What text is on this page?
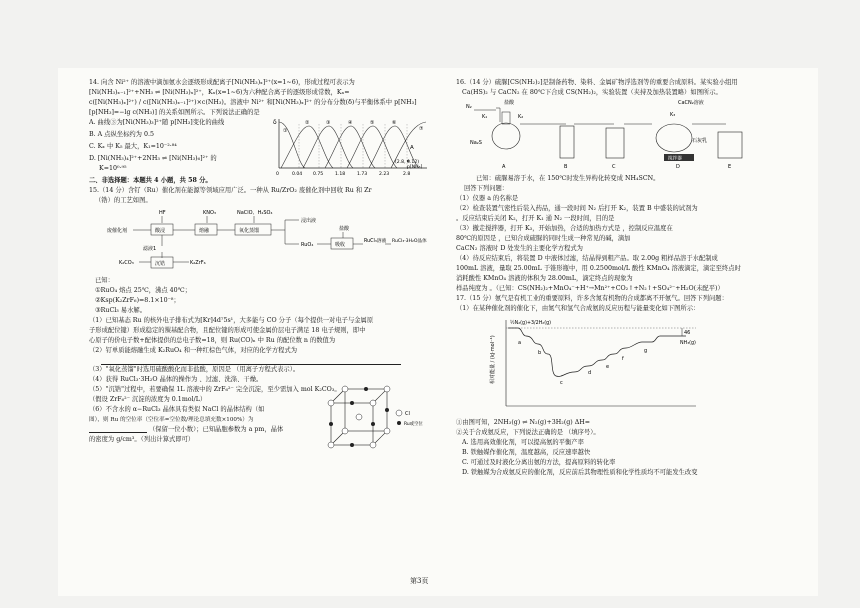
14. 向含 Ni²⁺ 的溶液中滴加氨水会逐级形成配离子[Ni(NH₃)ₓ]²⁺(x=1~6)，形成过程可表示为
[Ni(NH₃)ₓ₋₁]²⁺+NH₃ ⇌ [Ni(NH₃)ₓ]²⁺，Kₓ(x=1~6)为六种配合离子的逐级形成常数，Kₓ=
c([Ni(NH₃)ₓ]²⁺) / c([Ni(NH₃)ₓ₋₁]²⁺)×c(NH₃)。溶液中 Ni²⁺ 和[Ni(NH₃)ₓ]²⁺ 的分布分数(δ)与平衡体系中 p[NH₃]
[p[NH₃]=−lg c(NH₃)] 的关系如图所示。下列说法正确的是
A. 曲线③为[Ni(NH₃)₃]²⁺随 p[NH₃]变化的曲线
B. A 点纵坐标约为 0.5
C. Kₓ 中 K₅ 最大，K₁=10⁻²·⁸⁴
D. [Ni(NH₃)₄]²⁺+2NH₃ ⇌ [Ni(NH₃)₆]²⁺ 的
K=10⁰·⁹⁵
δ
①
②	③	④	⑤	⑥
⑦
A
(2.8, 0.12)
0	0.04 0.75	1.18	1.73	2.23	2.8
p[NH₃]
二、非选择题：本题共 4 小题，共 58 分。
15.（14 分）含钌（Ru）催化剂在能源等领域应用广泛。一种从 Ru/ZrO₂ 废催化剂中回收 Ru 和 Zr
（锆）的工艺如图。
HF	KNO₃	NaClO、H₂SO₄
废催化剂	酸浸	熔融	氧化蒸馏
浸出液
RuO₄
盐酸
吸收
RuCl₃溶液 RuCl₃·3H₂O晶体
滤液1
K₂CO₃	沉锆	K₂ZrF₆
已知：
①RuO₄ 熔点 25℃，沸点 40℃；
②Ksp(K₂ZrF₆)=8.1×10⁻⁸；
③RuCl₃ 易水解。
（1）已知基态 Ru 的核外电子排布式为[Kr]4d⁷5s¹，大多能与 CO 分子（每个提供一对电子与金属原
子形成配位键）形成稳定的羰基配合物，且配位键的形成可使金属价层电子满足 18 电子规则，即中
心原子的价电子数+配体提供的总电子数=18，则 Ru(CO)ₙ 中 Ru 的配位数 n 的数值为
（2）钌单质能熔融生成 K₂RuO₄ 和一种红棕色气体，对应的化学方程式为
（3）"氧化蒸馏"时选用硫酸酸化而非盐酸，原因是 （用离子方程式表示）。
（4）获得 RuCl₃·3H₂O 晶体的操作为 、过滤、洗涤、干燥。
（5）"沉锆"过程中，若要确保 1L 溶液中的 ZrF₆²⁻ 完全沉淀，至少需加入 mol K₂CO₃。
（假设 ZrF₆²⁻ 沉淀的浓度为 0.1mol/L）
（6）不含水的 α−RuCl₃ 晶体具有类似 NaCl 的晶体结构（如
图），则 Ru 的空位率（空位率=空位数/理论总填充数×100%）为
（保留一位小数）；已知晶胞参数为 a pm，晶体
的密度为 g/cm³。（列出计算式即可）
Cl
Ru或空位
16.（14 分）硫脲[CS(NH₂)₂]是制备药物、染料、金属矿物浮选剂等的重要合成原料。某实验小组用
Ca(HS)₂ 与 CaCN₂ 在 80℃下合成 CS(NH₂)₂，实验装置（夹持及加热装置略）如图所示。
N₂
K₁
盐酸
K₂
Na₂S
CaCN₂溶液
K₃
石灰乳
搅拌器
A	B	C	D	E
已知：硫脲易溶于水，在 150℃时发生异构化转变成 NH₄SCN。
回答下列问题：
（1）仪器 a 的名称是
（2）检查装置气密性后装入药品，通一段时间 N₂ 后打开 K₂，装置 B 中盛装的试剂为
。反应结束后关闭 K₂，打开 K₁ 通 N₂ 一段时间，目的是
（3）撤走搅拌器，打开 K₃，开始加热，合适的加热方式是 ，控制反应温度在
80℃的原因是 ，已知合成硫脲的同时生成一种常见的碱，滴加
CaCN₂ 溶液时 D 处发生的主要化学方程式为
（4）待反应结束后，将装置 D 中液体过滤，结晶得到粗产品。取 2.00g 粗样品溶于水配制成
100mL 溶液，量取 25.00mL 于锥形瓶中，用 0.2500mol/L 酸性 KMnO₄ 溶液滴定，滴定至终点时
消耗酸性 KMnO₄ 溶液的体积为 28.00mL，滴定终点的现象为
样品纯度为 。（已知：CS(NH₂)₂+MnO₄⁻+H⁺→Mn²⁺+CO₂↑+N₂↑+SO₄²⁻+H₂O(未配平)）
17.（15 分）氨气是有机工业的重要原料，许多含氮有机物的合成都离不开氨气。回答下列问题：
（1）在某种催化剂的催化下，由氮气和氢气合成氨的反应历程与能量变化如下图所示：
相对能量 / (kJ·mol⁻¹)
½N₂(g)+3/2H₂(g)
46
NH₃(g)
a
b
c
d
e
f
g
①由图可知，2NH₃(g) ⇌ N₂(g)+3H₂(g) ΔH=
②关于合成氨反应，下列说法正确的是 （填序号）。
A. 选用高效催化剂，可以提高氨的平衡产率
B. 铁触媒作催化剂，温度越高，反应速率越快
C. 可通过及时液化分离出氨的方法，提高原料的转化率
D. 铁触媒为合成氨反应的催化剂，反应前后其物理性质和化学性质均不可能发生改变
第3页
